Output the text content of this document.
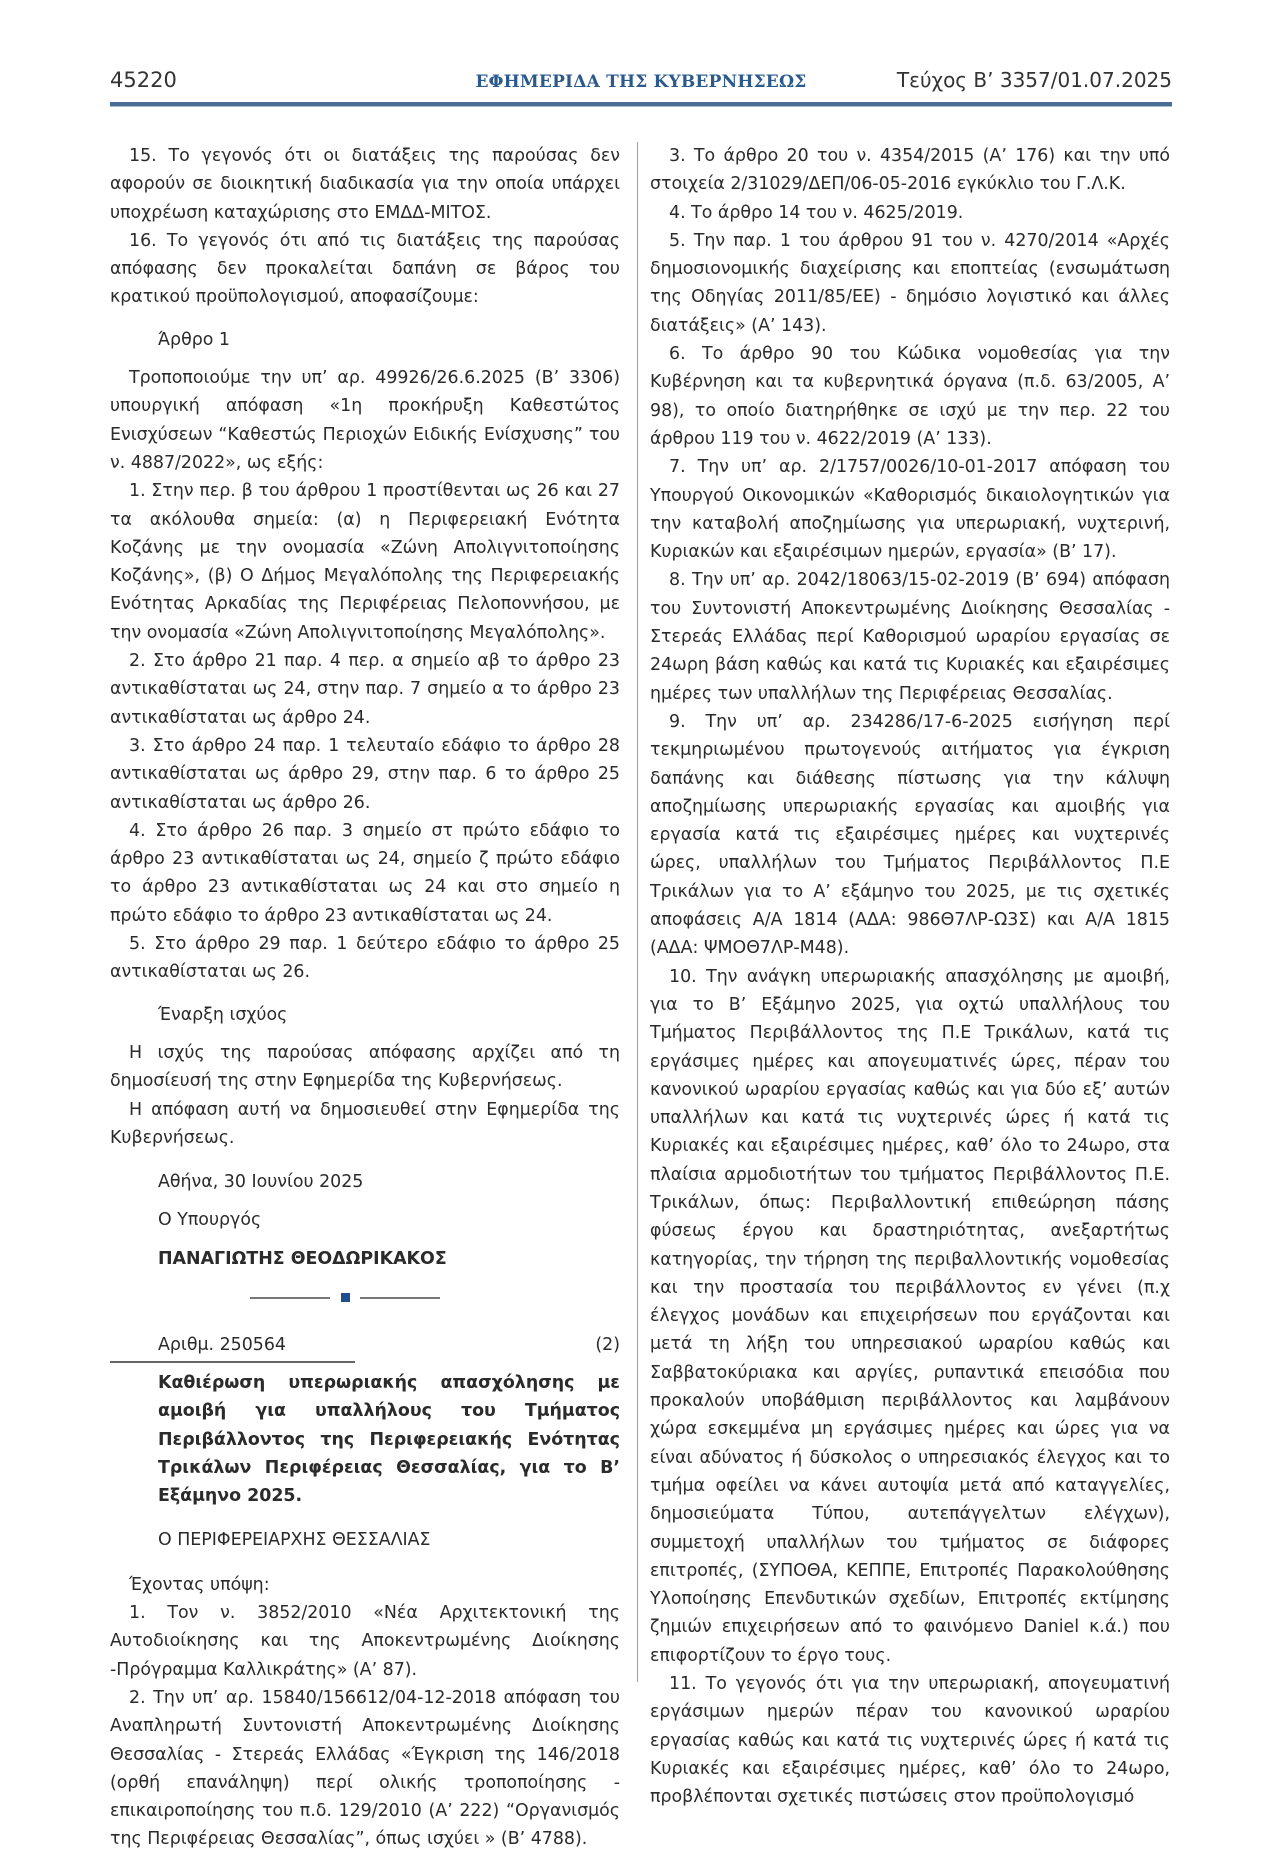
45220	ΕΦΗΜΕΡΙΔΑ ΤΗΣ ΚΥΒΕΡΝΗΣΕΩΣ	Τεύχος Β’ 3357/01.07.2025

15. Το γεγονός ότι οι διατάξεις της παρούσας δεν αφορούν σε διοικητική διαδικασία για την οποία υπάρχει υποχρέωση καταχώρισης στο ΕΜΔΔ-ΜΙΤΟΣ.

16. Το γεγονός ότι από τις διατάξεις της παρούσας απόφασης δεν προκαλείται δαπάνη σε βάρος του κρατικού προϋπολογισμού, αποφασίζουμε:

Άρθρο 1

Τροποποιούμε την υπ’ αρ. 49926/26.6.2025 (Β’ 3306) υπουργική απόφαση «1η προκήρυξη Καθεστώτος Ενισχύσεων “Καθεστώς Περιοχών Ειδικής Ενίσχυσης” του ν. 4887/2022», ως εξής:

1. Στην περ. β του άρθρου 1 προστίθενται ως 26 και 27 τα ακόλουθα σημεία: (α) η Περιφερειακή Ενότητα Κοζάνης με την ονομασία «Ζώνη Απολιγνιτοποίησης Κοζάνης», (β) Ο Δήμος Μεγαλόπολης της Περιφερειακής Ενότητας Αρκαδίας της Περιφέρειας Πελοποννήσου, με την ονομασία «Ζώνη Απολιγνιτοποίησης Μεγαλόπολης».

2. Στο άρθρο 21 παρ. 4 περ. α σημείο αβ το άρθρο 23 αντικαθίσταται ως 24, στην παρ. 7 σημείο α το άρθρο 23 αντικαθίσταται ως άρθρο 24.

3. Στο άρθρο 24 παρ. 1 τελευταίο εδάφιο το άρθρο 28 αντικαθίσταται ως άρθρο 29, στην παρ. 6 το άρθρο 25 αντικαθίσταται ως άρθρο 26.

4. Στο άρθρο 26 παρ. 3 σημείο στ πρώτο εδάφιο το άρθρο 23 αντικαθίσταται ως 24, σημείο ζ πρώτο εδάφιο το άρθρο 23 αντικαθίσταται ως 24 και στο σημείο η πρώτο εδάφιο το άρθρο 23 αντικαθίσταται ως 24.

5. Στο άρθρο 29 παρ. 1 δεύτερο εδάφιο το άρθρο 25 αντικαθίσταται ως 26.

Έναρξη ισχύος

Η ισχύς της παρούσας απόφασης αρχίζει από τη δημοσίευσή της στην Εφημερίδα της Κυβερνήσεως.

Η απόφαση αυτή να δημοσιευθεί στην Εφημερίδα της Κυβερνήσεως.

Αθήνα, 30 Ιουνίου 2025

Ο Υπουργός

ΠΑΝΑΓΙΩΤΗΣ ΘΕΟΔΩΡΙΚΑΚΟΣ

Αριθμ. 250564	(2)

Καθιέρωση υπερωριακής απασχόλησης με αμοιβή για υπαλλήλους του Τμήματος Περιβάλλοντος της Περιφερειακής Ενότητας Τρικάλων Περιφέρειας Θεσσαλίας, για το Β’ Εξάμηνο 2025.

Ο ΠΕΡΙΦΕΡΕΙΑΡΧΗΣ ΘΕΣΣΑΛΙΑΣ

Έχοντας υπόψη:

1. Τον ν. 3852/2010 «Νέα Αρχιτεκτονική της Αυτοδιοίκησης και της Αποκεντρωμένης Διοίκησης -Πρόγραμμα Καλλικράτης» (Α’ 87).

2. Την υπ’ αρ. 15840/156612/04-12-2018 απόφαση του Αναπληρωτή Συντονιστή Αποκεντρωμένης Διοίκησης Θεσσαλίας - Στερεάς Ελλάδας «Έγκριση της 146/2018 (ορθή επανάληψη) περί ολικής τροποποίησης - επικαιροποίησης του π.δ. 129/2010 (Α’ 222) “Οργανισμός της Περιφέρειας Θεσσαλίας”, όπως ισχύει » (Β’ 4788).

3. Το άρθρο 20 του ν. 4354/2015 (Α’ 176) και την υπό στοιχεία 2/31029/ΔΕΠ/06-05-2016 εγκύκλιο του Γ.Λ.Κ.

4. Το άρθρο 14 του ν. 4625/2019.

5. Την παρ. 1 του άρθρου 91 του ν. 4270/2014 «Αρχές δημοσιονομικής διαχείρισης και εποπτείας (ενσωμάτωση της Οδηγίας 2011/85/ΕΕ) - δημόσιο λογιστικό και άλλες διατάξεις» (Α’ 143).

6. Το άρθρο 90 του Κώδικα νομοθεσίας για την Κυβέρνηση και τα κυβερνητικά όργανα (π.δ. 63/2005, Α’ 98), το οποίο διατηρήθηκε σε ισχύ με την περ. 22 του άρθρου 119 του ν. 4622/2019 (Α’ 133).

7. Την υπ’ αρ. 2/1757/0026/10-01-2017 απόφαση του Υπουργού Οικονομικών «Καθορισμός δικαιολογητικών για την καταβολή αποζημίωσης για υπερωριακή, νυχτερινή, Κυριακών και εξαιρέσιμων ημερών, εργασία» (Β’ 17).

8. Την υπ’ αρ. 2042/18063/15-02-2019 (Β’ 694) απόφαση του Συντονιστή Αποκεντρωμένης Διοίκησης Θεσσαλίας - Στερεάς Ελλάδας περί Καθορισμού ωραρίου εργασίας σε 24ωρη βάση καθώς και κατά τις Κυριακές και εξαιρέσιμες ημέρες των υπαλλήλων της Περιφέρειας Θεσσαλίας.

9. Την υπ’ αρ. 234286/17-6-2025 εισήγηση περί τεκμηριωμένου πρωτογενούς αιτήματος για έγκριση δαπάνης και διάθεσης πίστωσης για την κάλυψη αποζημίωσης υπερωριακής εργασίας και αμοιβής για εργασία κατά τις εξαιρέσιμες ημέρες και νυχτερινές ώρες, υπαλλήλων του Τμήματος Περιβάλλοντος Π.Ε Τρικάλων για το Α’ εξάμηνο του 2025, με τις σχετικές αποφάσεις Α/Α 1814 (ΑΔΑ: 986Θ7ΛΡ-Ω3Σ) και Α/Α 1815 (ΑΔΑ: ΨΜΟΘ7ΛΡ-Μ48).

10. Την ανάγκη υπερωριακής απασχόλησης με αμοιβή, για το Β’ Εξάμηνο 2025, για οχτώ υπαλλήλους του Τμήματος Περιβάλλοντος της Π.Ε Τρικάλων, κατά τις εργάσιμες ημέρες και απογευματινές ώρες, πέραν του κανονικού ωραρίου εργασίας καθώς και για δύο εξ’ αυτών υπαλλήλων και κατά τις νυχτερινές ώρες ή κατά τις Κυριακές και εξαιρέσιμες ημέρες, καθ’ όλο το 24ωρο, στα πλαίσια αρμοδιοτήτων του τμήματος Περιβάλλοντος Π.Ε. Τρικάλων, όπως: Περιβαλλοντική επιθεώρηση πάσης φύσεως έργου και δραστηριότητας, ανεξαρτήτως κατηγορίας, την τήρηση της περιβαλλοντικής νομοθεσίας και την προστασία του περιβάλλοντος εν γένει (π.χ έλεγχος μονάδων και επιχειρήσεων που εργάζονται και μετά τη λήξη του υπηρεσιακού ωραρίου καθώς και Σαββατοκύριακα και αργίες, ρυπαντικά επεισόδια που προκαλούν υποβάθμιση περιβάλλοντος και λαμβάνουν χώρα εσκεμμένα μη εργάσιμες ημέρες και ώρες για να είναι αδύνατος ή δύσκολος ο υπηρεσιακός έλεγχος και το τμήμα οφείλει να κάνει αυτοψία μετά από καταγγελίες, δημοσιεύματα Τύπου, αυτεπάγγελτων ελέγχων), συμμετοχή υπαλλήλων του τμήματος σε διάφορες επιτροπές, (ΣΥΠΟΘΑ, ΚΕΠΠΕ, Επιτροπές Παρακολούθησης Υλοποίησης Επενδυτικών σχεδίων, Επιτροπές εκτίμησης ζημιών επιχειρήσεων από το φαινόμενο Daniel κ.ά.) που επιφορτίζουν το έργο τους.

11. Το γεγονός ότι για την υπερωριακή, απογευματινή εργάσιμων ημερών πέραν του κανονικού ωραρίου εργασίας καθώς και κατά τις νυχτερινές ώρες ή κατά τις Κυριακές και εξαιρέσιμες ημέρες, καθ’ όλο το 24ωρο, προβλέπονται σχετικές πιστώσεις στον προϋπολογισμό
